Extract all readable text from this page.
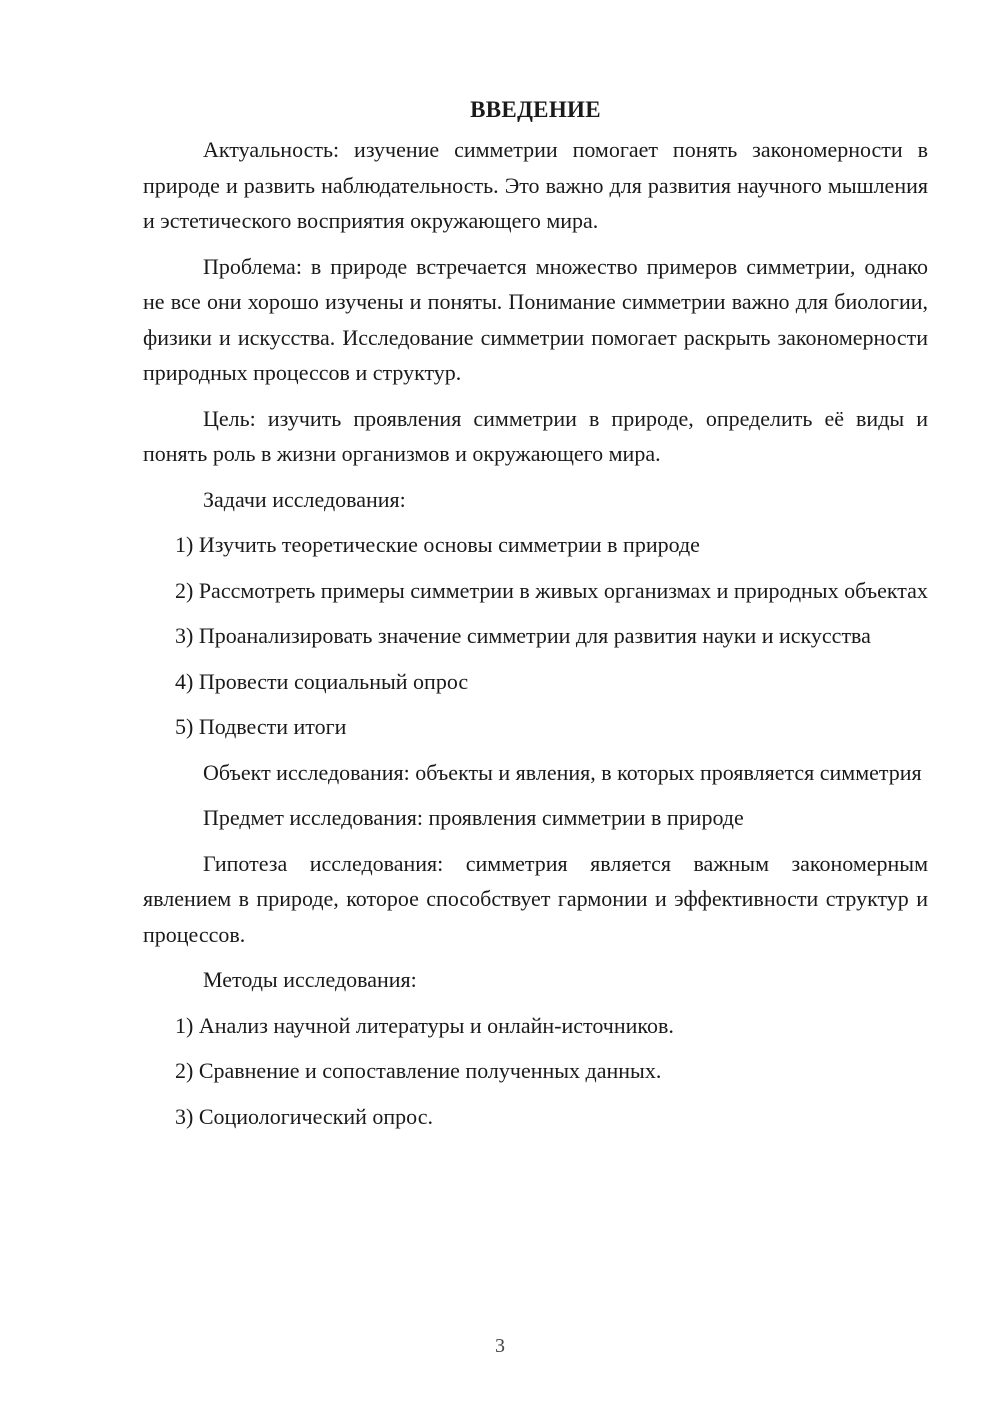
ВВЕДЕНИЕ

Актуальность: изучение симметрии помогает понять закономерности в природе и развить наблюдательность. Это важно для развития научного мышления и эстетического восприятия окружающего мира.

Проблема: в природе встречается множество примеров симметрии, однако не все они хорошо изучены и поняты. Понимание симметрии важно для биологии, физики и искусства. Исследование симметрии помогает раскрыть закономерности природных процессов и структур.

Цель: изучить проявления симметрии в природе, определить её виды и понять роль в жизни организмов и окружающего мира.

Задачи исследования:

1) Изучить теоретические основы симметрии в природе

2) Рассмотреть примеры симметрии в живых организмах и природных объектах

3) Проанализировать значение симметрии для развития науки и искусства

4) Провести социальный опрос

5) Подвести итоги

Объект исследования: объекты и явления, в которых проявляется симметрия

Предмет исследования: проявления симметрии в природе

Гипотеза исследования: симметрия является важным закономерным явлением в природе, которое способствует гармонии и эффективности структур и процессов.

Методы исследования:

1) Анализ научной литературы и онлайн-источников.

2) Сравнение и сопоставление полученных данных.

3) Социологический опрос.

3
